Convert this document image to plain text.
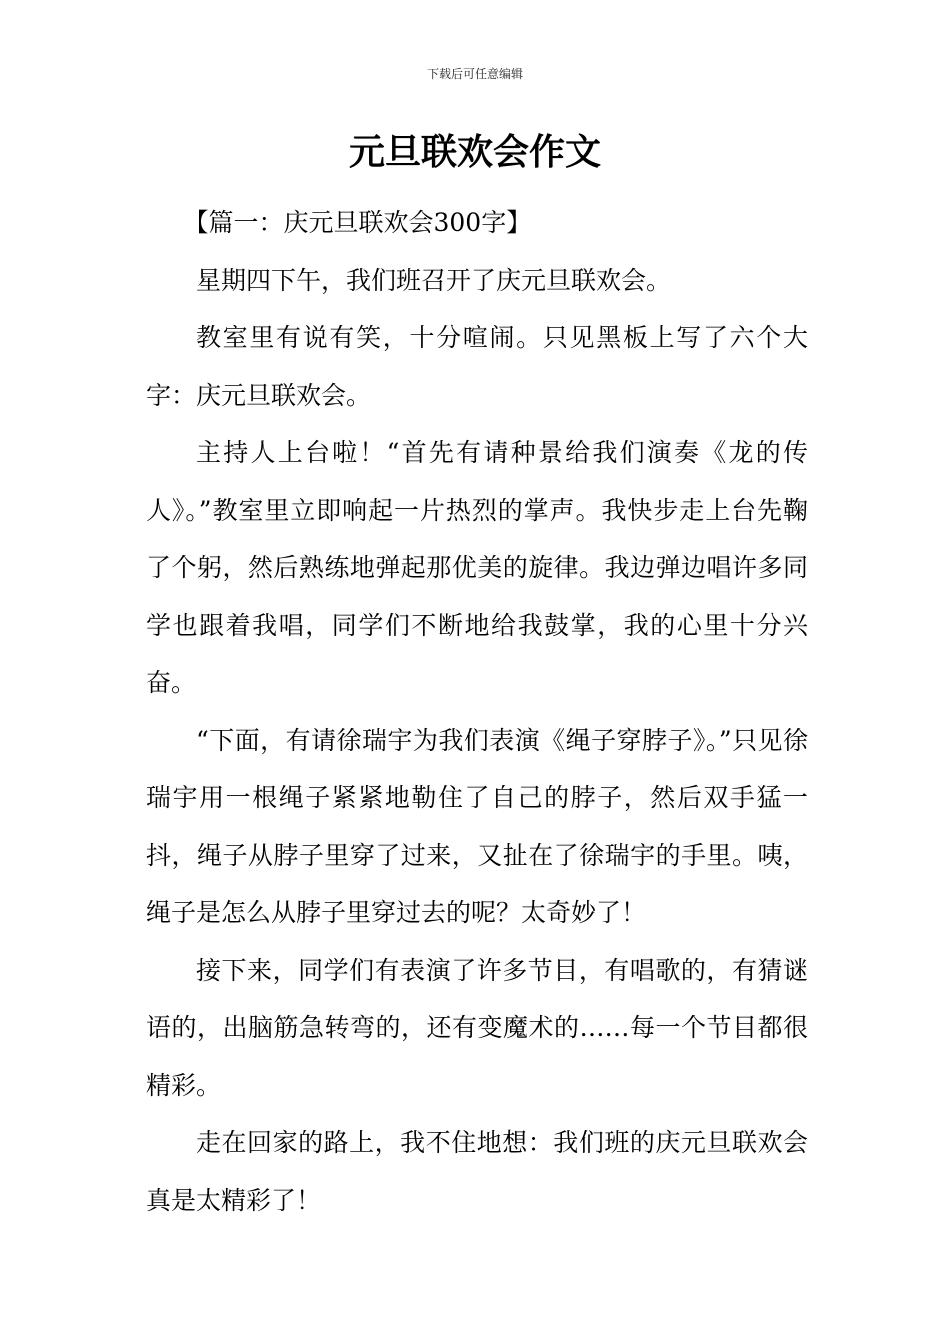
下载后可任意编辑
元旦联欢会作文

【篇一：庆元旦联欢会300字】

星期四下午，我们班召开了庆元旦联欢会。

教室里有说有笑，十分喧闹。只见黑板上写了六个大字：庆元旦联欢会。

主持人上台啦！“首先有请种景给我们演奏《龙的传人》。”教室里立即响起一片热烈的掌声。我快步走上台先鞠了个躬，然后熟练地弹起那优美的旋律。我边弹边唱许多同学也跟着我唱，同学们不断地给我鼓掌，我的心里十分兴奋。

“下面，有请徐瑞宇为我们表演《绳子穿脖子》。”只见徐瑞宇用一根绳子紧紧地勒住了自己的脖子，然后双手猛一抖，绳子从脖子里穿了过来，又扯在了徐瑞宇的手里。咦，绳子是怎么从脖子里穿过去的呢？太奇妙了！

接下来，同学们有表演了许多节目，有唱歌的，有猜谜语的，出脑筋急转弯的，还有变魔术的……每一个节目都很精彩。

走在回家的路上，我不住地想：我们班的庆元旦联欢会真是太精彩了！
